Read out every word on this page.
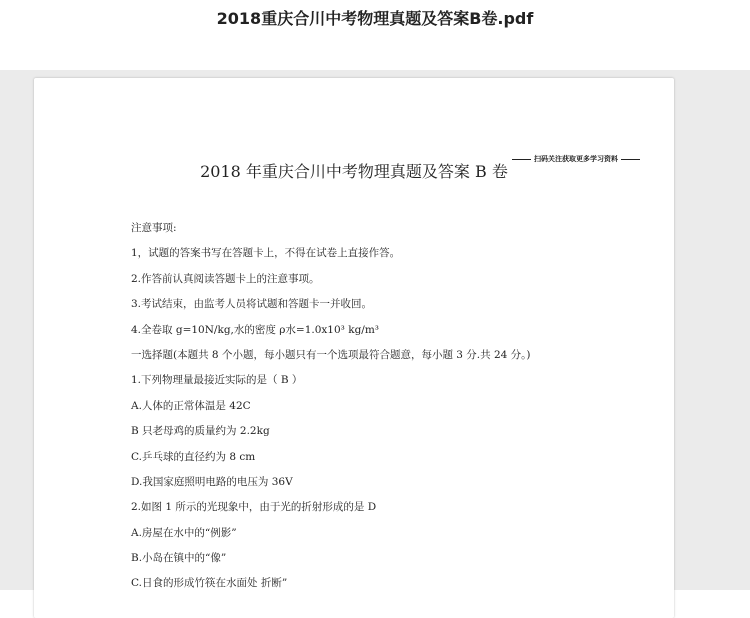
2018重庆合川中考物理真题及答案B卷.pdf
扫码关注获取更多学习资料
2018 年重庆合川中考物理真题及答案 B 卷
注意事项:
1，试题的答案书写在答题卡上，不得在试卷上直接作答。
2.作答前认真阅读答题卡上的注意事项。
3.考试结束，由监考人员将试题和答题卡一并收回。
4.全卷取 g=10N/kg,水的密度 ρ水=1.0x10³ kg/m³
一选择题(本题共 8 个小题，每小题只有一个选项最符合题意，每小题 3 分.共 24 分。)
1.下列物理量最接近实际的是（ B ）
A.人体的正常体温是 42C
B 只老母鸡的质量约为 2.2kg
C.乒乓球的直径约为 8 cm
D.我国家庭照明电路的电压为 36V
2.如图 1 所示的光现象中，由于光的折射形成的是 D
A.房屋在水中的“例影”
B.小岛在镇中的“像”
C.日食的形成竹筷在水面处 折断”
